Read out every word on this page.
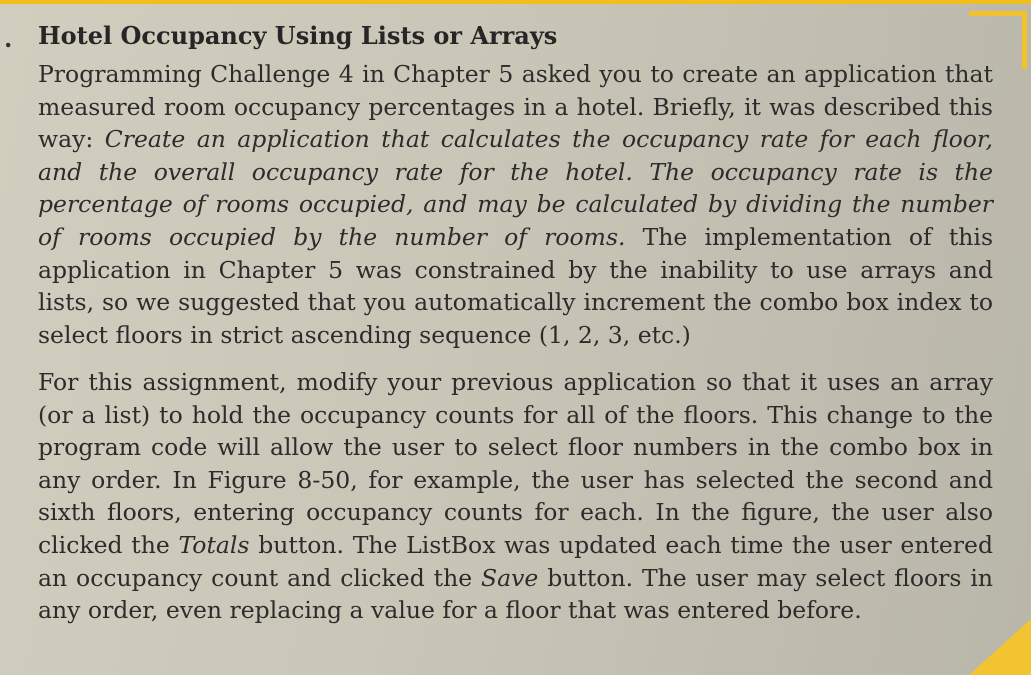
. Hotel Occupancy Using Lists or Arrays

Programming Challenge 4 in Chapter 5 asked you to create an application that measured room occupancy percentages in a hotel. Briefly, it was described this way: Create an application that calculates the occupancy rate for each floor, and the overall occupancy rate for the hotel. The occupancy rate is the percentage of rooms occupied, and may be calculated by dividing the number of rooms occupied by the number of rooms. The implementation of this application in Chapter 5 was constrained by the inability to use arrays and lists, so we suggested that you automatically increment the combo box index to select floors in strict ascending sequence (1, 2, 3, etc.)

For this assignment, modify your previous application so that it uses an array (or a list) to hold the occupancy counts for all of the floors. This change to the program code will allow the user to select floor numbers in the combo box in any order. In Figure 8-50, for example, the user has selected the second and sixth floors, entering occupancy counts for each. In the figure, the user also clicked the Totals button. The ListBox was updated each time the user entered an occupancy count and clicked the Save button. The user may select floors in any order, even replacing a value for a floor that was entered before.
